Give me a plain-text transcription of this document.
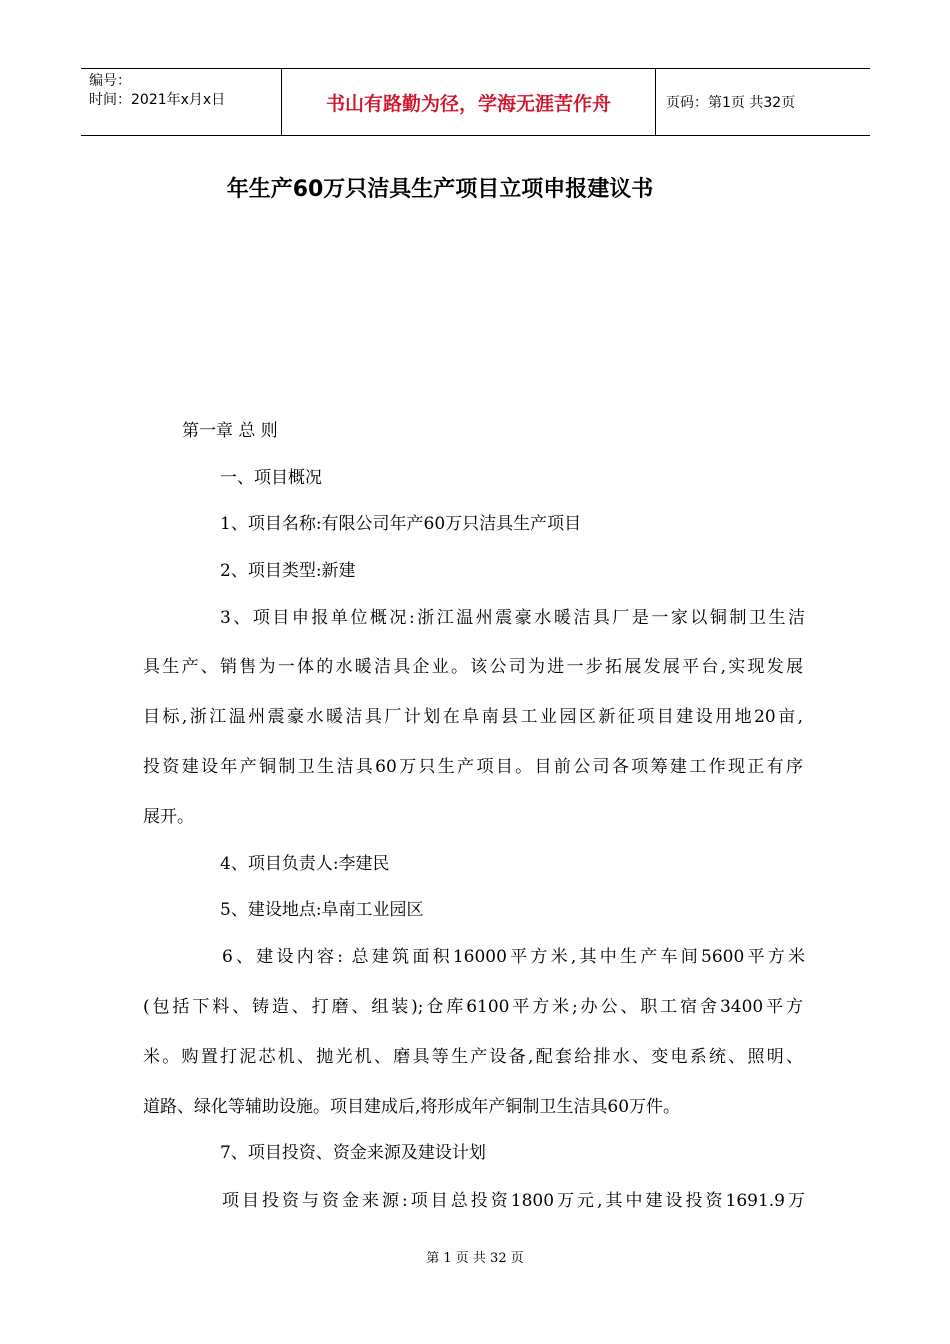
编号：
时间：2021年x月x日	书山有路勤为径，学海无涯苦作舟	页码：第1页 共32页
年生产60万只洁具生产项目立项申报建议书
第一章 总 则
一、项目概况
1、项目名称:有限公司年产60万只洁具生产项目
2、项目类型:新建
3、项目申报单位概况:浙江温州震豪水暖洁具厂是一家以铜制卫生洁
具生产、销售为一体的水暖洁具企业。该公司为进一步拓展发展平台,实现发展
目标,浙江温州震豪水暖洁具厂计划在阜南县工业园区新征项目建设用地20亩,
投资建设年产铜制卫生洁具60万只生产项目。目前公司各项筹建工作现正有序
展开。
4、项目负责人:李建民
5、建设地点:阜南工业园区
6、建设内容: 总建筑面积16000平方米,其中生产车间5600平方米
(包括下料、铸造、打磨、组装);仓库6100平方米;办公、职工宿舍3400平方
米。购置打泥芯机、抛光机、磨具等生产设备,配套给排水、变电系统、照明、
道路、绿化等辅助设施。项目建成后,将形成年产铜制卫生洁具60万件。
7、项目投资、资金来源及建设计划
项目投资与资金来源:项目总投资1800万元,其中建设投资1691.9万
第 1 页 共 32 页
